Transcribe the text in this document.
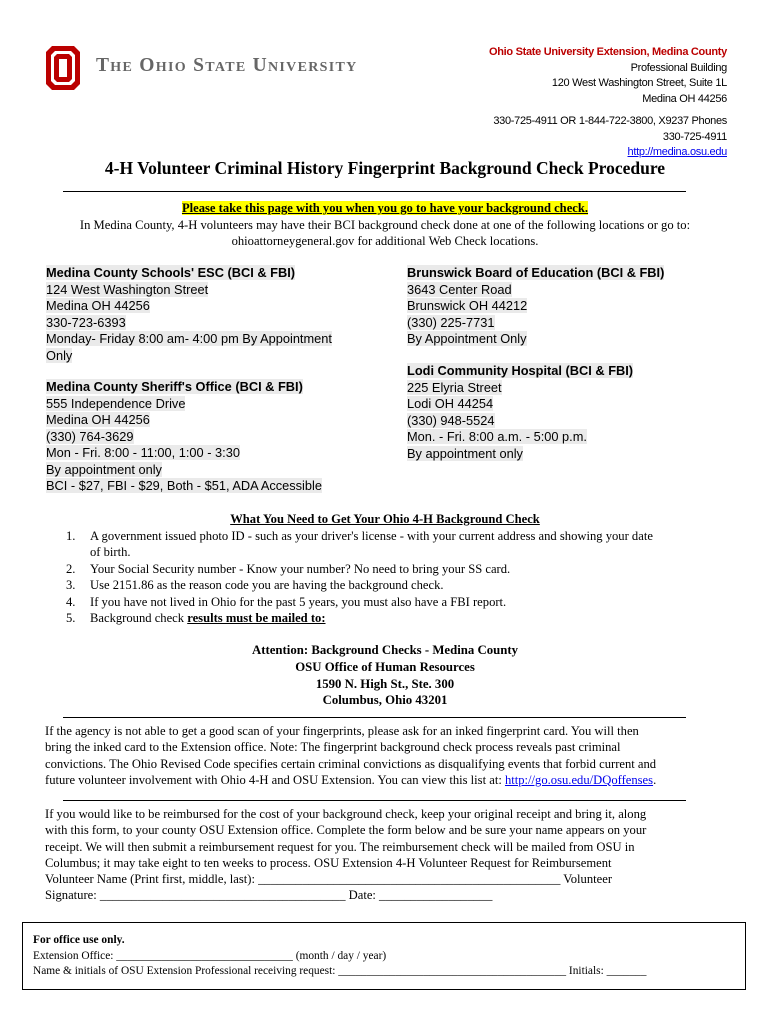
The Ohio State University
Ohio State University Extension, Medina County
Professional Building
120 West Washington Street, Suite 1L
Medina OH 44256
330-725-4911 OR 1-844-722-3800, X9237 Phones
330-725-4911
http://medina.osu.edu
4-H Volunteer Criminal History Fingerprint Background Check Procedure
Please take this page with you when you go to have your background check.
In Medina County, 4-H volunteers may have their BCI background check done at one of the following locations or go to:
ohioattorneygeneral.gov for additional Web Check locations.
Medina County Schools' ESC (BCI & FBI)
124 West Washington Street
Medina OH 44256
330-723-6393
Monday- Friday 8:00 am- 4:00 pm By Appointment
Only
Medina County Sheriff's Office (BCI & FBI)
555 Independence Drive
Medina OH 44256
(330) 764-3629
Mon - Fri. 8:00 - 11:00, 1:00 - 3:30
By appointment only
BCI - $27, FBI - $29, Both - $51, ADA Accessible
Brunswick Board of Education (BCI & FBI)
3643 Center Road
Brunswick OH 44212
(330) 225-7731
By Appointment Only
Lodi Community Hospital (BCI & FBI)
225 Elyria Street
Lodi OH 44254
(330) 948-5524
Mon. - Fri. 8:00 a.m. - 5:00 p.m.
By appointment only
What You Need to Get Your Ohio 4-H Background Check
1. A government issued photo ID - such as your driver's license - with your current address and showing your date
of birth.
2. Your Social Security number - Know your number? No need to bring your SS card.
3. Use 2151.86 as the reason code you are having the background check.
4. If you have not lived in Ohio for the past 5 years, you must also have a FBI report.
5. Background check results must be mailed to:
Attention: Background Checks - Medina County
OSU Office of Human Resources
1590 N. High St., Ste. 300
Columbus, Ohio 43201
If the agency is not able to get a good scan of your fingerprints, please ask for an inked fingerprint card. You will then
bring the inked card to the Extension office. Note: The fingerprint background check process reveals past criminal
convictions. The Ohio Revised Code specifies certain criminal convictions as disqualifying events that forbid current and
future volunteer involvement with Ohio 4-H and OSU Extension. You can view this list at: http://go.osu.edu/DQoffenses.
If you would like to be reimbursed for the cost of your background check, keep your original receipt and bring it, along
with this form, to your county OSU Extension office. Complete the form below and be sure your name appears on your
receipt. We will then submit a reimbursement request for you. The reimbursement check will be mailed from OSU in
Columbus; it may take eight to ten weeks to process. OSU Extension 4-H Volunteer Request for Reimbursement
Volunteer Name (Print first, middle, last): ________________________________________________ Volunteer
Signature: _______________________________________ Date: __________________
For office use only.
Extension Office: _______________________________ (month / day / year)
Name & initials of OSU Extension Professional receiving request: ________________________________________ Initials: _______
